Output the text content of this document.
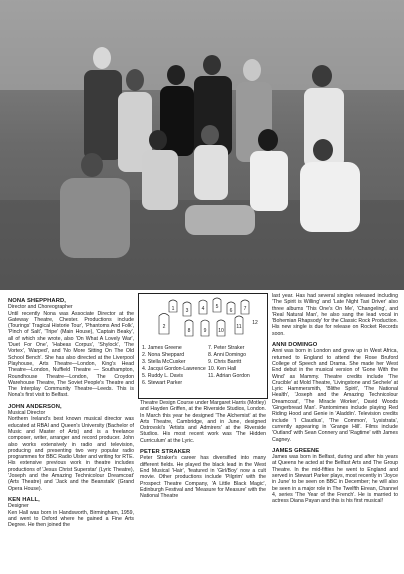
NONA SHEPPHARD,
Director and Choreographer

Until recently Nona was Associate Director at the Gateway Theatre, Chester. Productions include (Tourings' Tragical Historie Tour', 'Phantoms And Folk', 'Pinch of Salt', 'Tripe' (Main House), 'Captain Beaky', all of which she wrote, also 'On What A Lovely War', 'Duet For One', 'Habeas Corpus', 'Shylock', 'The Vortex', 'Warped', and 'No More Sitting On The Old School Bench'. She has also directed at the Liverpool Playhouse, Arts Theatre—London, King's Head Theatre—London, Nuffield Theatre — Southampton, Roundhouse Theatre—London, The Croydon Warehouse Theatre, The Soviet People's Theatre and The Interplay Community Theatre—Leeds. This is Nona's first visit to Belfast.

JOHN ANDERSON,
Musical Director

Northern Ireland's best known musical director was educated at RBAI and Queen's University (Bachelor of Music and Master of Arts) and is a freelance composer, writer, arranger and record producer. John also works extensively in radio and television, producing and presenting two very popular radio programmes for BBC Radio Ulster and writing for RTE. His extensive previous work in theatre includes productions of 'Jesus Christ Superstar' (Lyric Theatre), 'Joseph and the Amazing Technicolour Dreamcoat' (Arts Theatre) and 'Jack and the Beanstalk' (Grand Opera House).

KEN HALL,
Designer

Ken Hall was born in Handsworth, Birmingham, 1959, and went to Oxford where he gained a Fine Arts Degree. He then joined the

1
2
3	4 5
6 7
8	9 10
11
12
1. James Greene
2. Nona Sheppard
3. Stella McCusker
4. Jacqui Gordon-Lawrence
5. Ruddy L. Davis
6. Stewart Parker
7. Peter Straker
8. Anni Domingo
9. Chris Barritt
10. Ken Hall
11. Adrian Gordon

Theatre Design Course under Margaret Harris (Motley) and Hayden Griffen, at the Riverside Studios, London. In March this year he designed 'The Alchemist' at the Arts Theatre, Cambridge, and in June, designed Ostrovski's 'Artists and Admirers' at the Riverside Studios. His most recent work was 'The Hidden Curriculum' at the Lyric.

PETER STRAKER

Peter Straker's career has diversified into many different fields. He played the black lead in the West End Musical 'Hair', 'featured in 'Girl/Boy' now a cult movie. Other productions include 'Pilgrim' with the Prospect Theatre Company, 'A Little Black Magic', Edinburgh Festival and 'Measure for Measure' with the National Theatre

last year. Has had several singles released including 'The Spirit is Willing' and 'Late Night Taxi Driver' also three albums 'This One's On Me', 'Changeling', and 'Real Natural Man', he also sang the lead vocal in 'Bohemian Rhapsody' for the Classic Rock Production. His new single is due for release on Rocket Records soon.

ANNI DOMINGO

Anni was born in London and grew up in West Africa, returned to England to attend the Rose Bruford College of Speech and Drama. She made her West End debut in the musical version of 'Gone With the Wind' as Mammy. Theatre credits include 'The Crucible' at Mold Theatre, 'Livingstone and Sechele' at Lyric Hammersmith, 'Blithe Spirit', 'The National Health', 'Joseph and the Amazing Technicolour Dreamcoat', 'The Miracle Worker', David Woods 'Gingerbread Man'. Pantomimes include playing Red Riding Hood and Genie in 'Aladdin'. Television credits include 'I Claudius', 'The Common', 'Lysistrata', currently appearing in 'Grange Hill'. Films include 'Outland' with Sean Connery and 'Ragtime' with James Cagney.

JAMES GREENE

James was born in Belfast, during and after his years at Queens he acted at the Belfast Arts and The Group Theatre. In the mid-fifties he went to England and served in Stewart Parker plays, most recently in 'Joyce in June' to be seen on BBC in December; he will also be seen in a major role in The Twelfth Eirean, Channel 4, series 'The Year of the French'. He is married to actress Diana Payan and this is his first musical!
